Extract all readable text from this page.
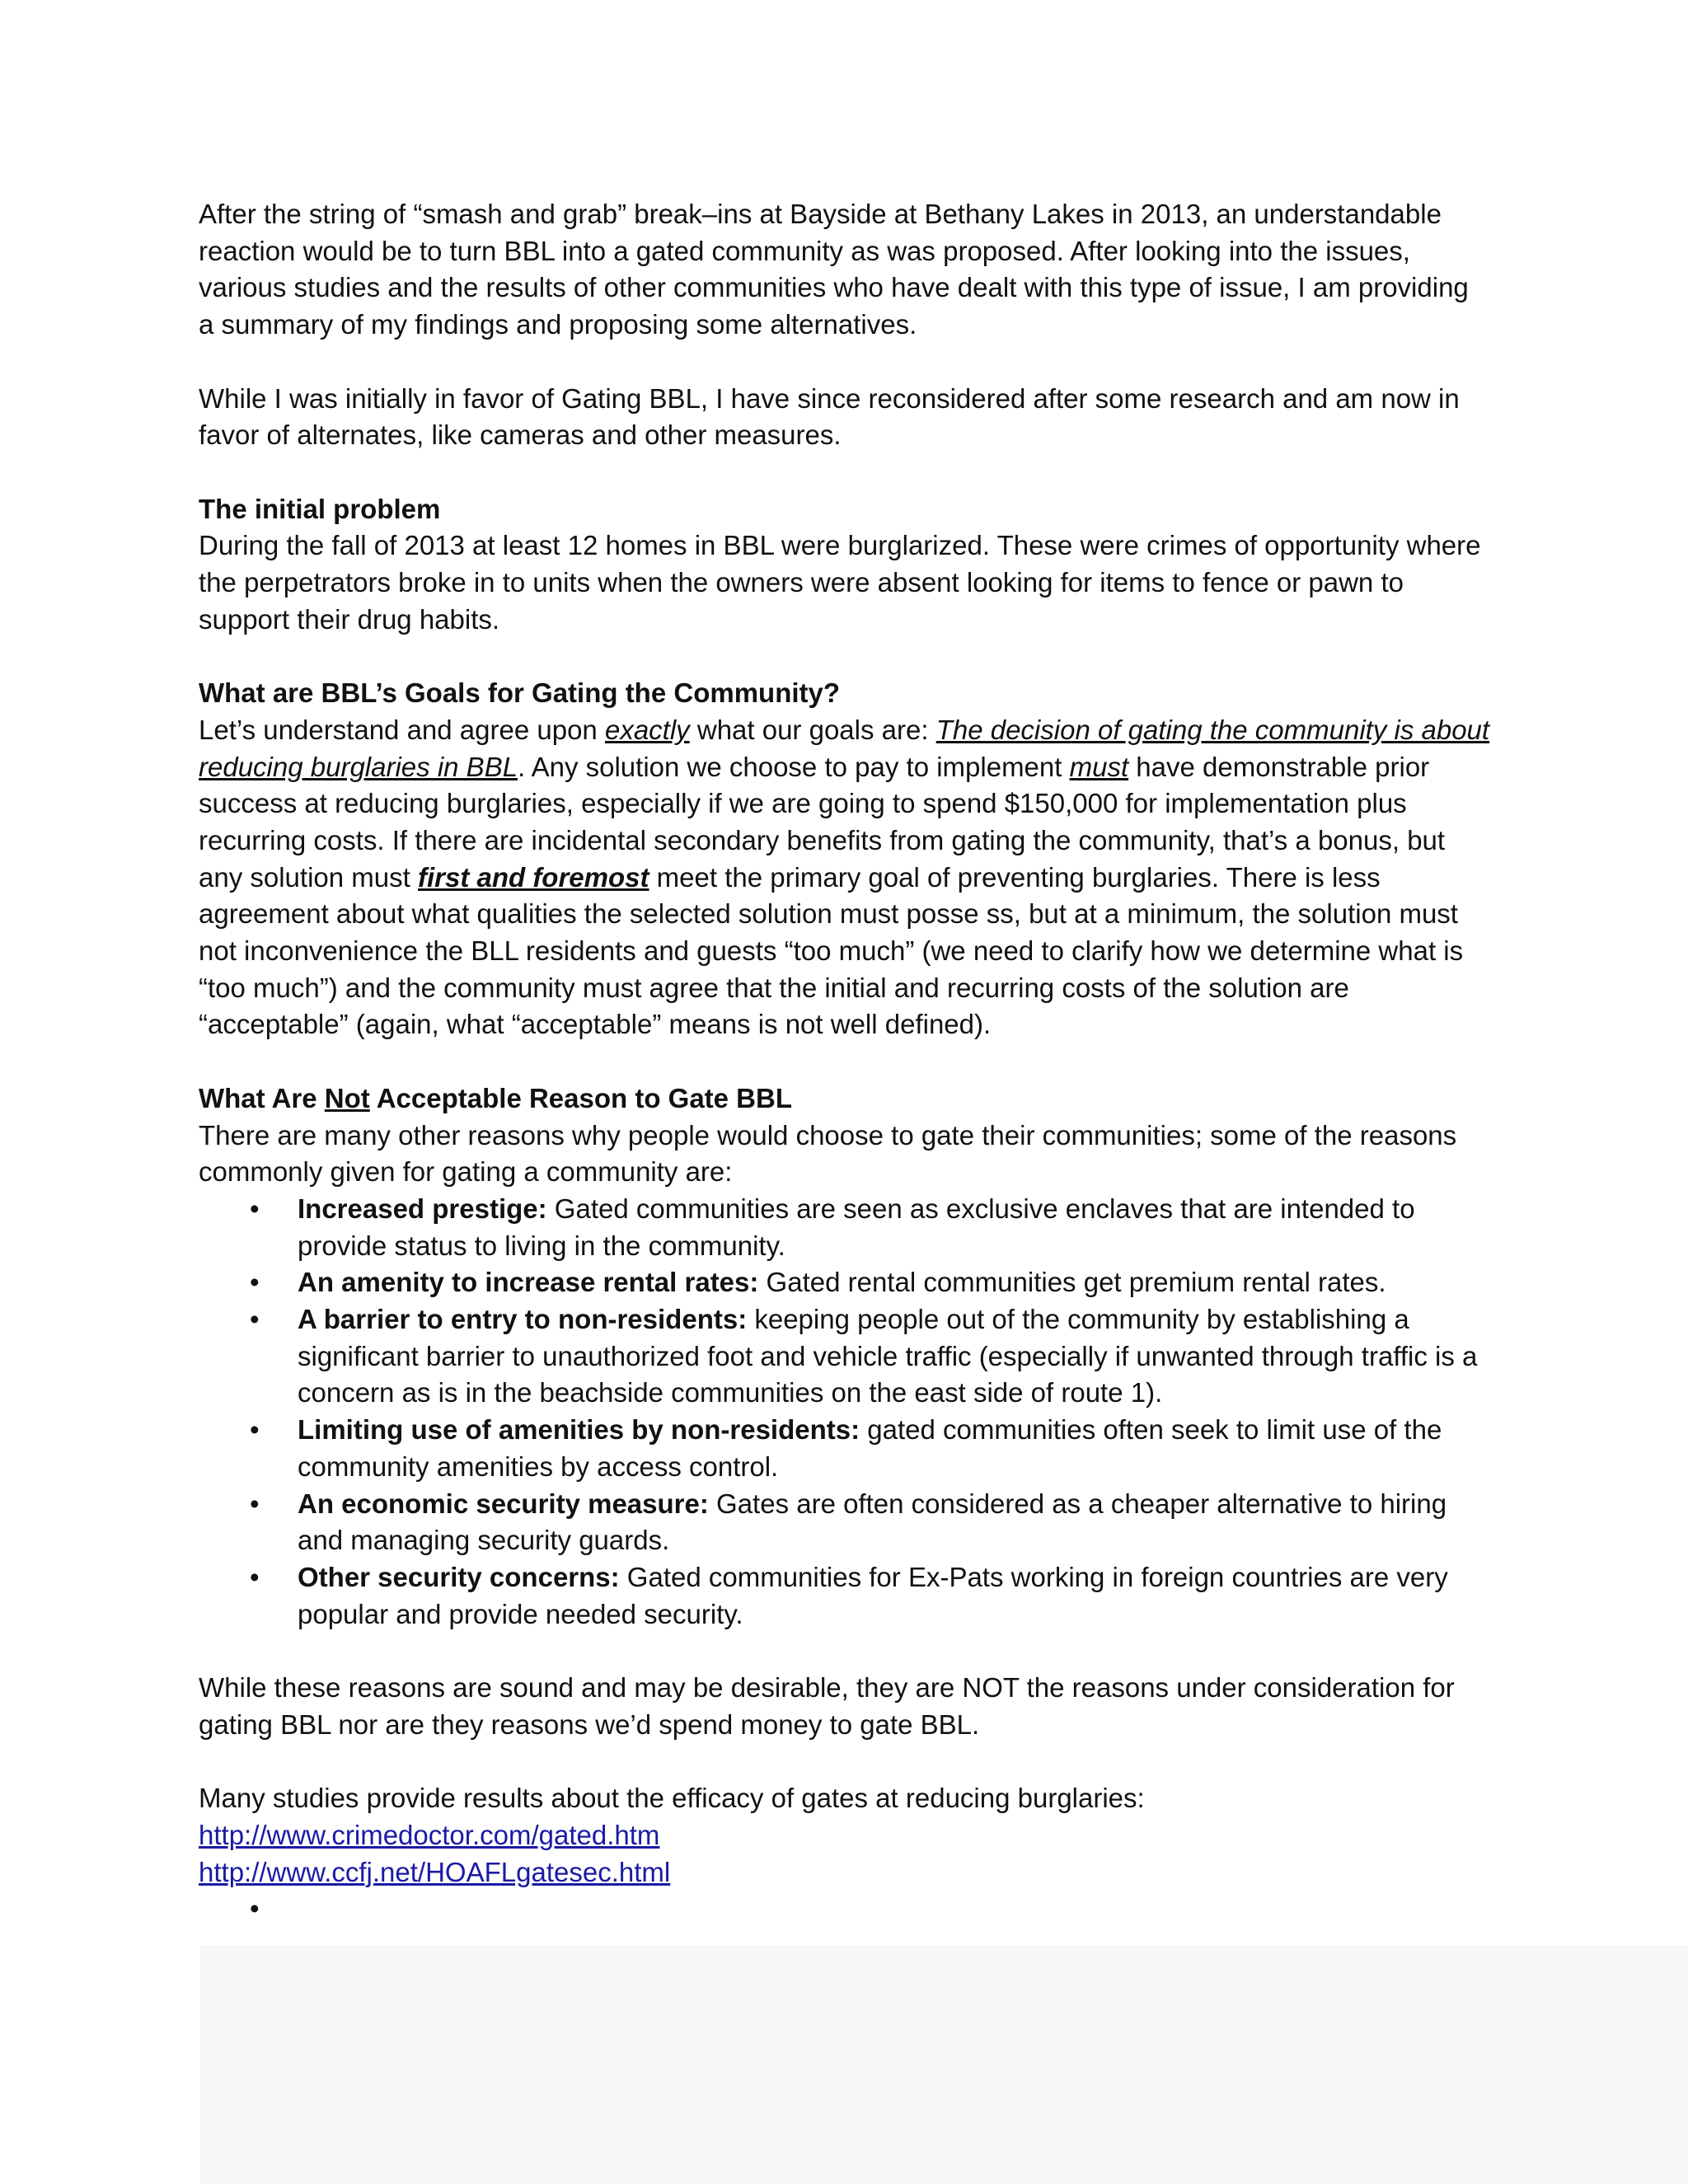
After the string of “smash and grab” break–ins at Bayside at Bethany Lakes in 2013, an understandable reaction would be to turn BBL into a gated community as was proposed. After looking into the issues, various studies and the results of other communities who have dealt with this type of issue, I am providing a summary of my findings and proposing some alternatives.

While I was initially in favor of Gating BBL, I have since reconsidered after some research and am now in favor of alternates, like cameras and other measures.

The initial problem

During the fall of 2013 at least 12 homes in BBL were burglarized. These were crimes of opportunity where the perpetrators broke in to units when the owners were absent looking for items to fence or pawn to support their drug habits.

What are BBL’s Goals for Gating the Community?

Let’s understand and agree upon exactly what our goals are: The decision of gating the community is about reducing burglaries in BBL. Any solution we choose to pay to implement must have demonstrable prior success at reducing burglaries, especially if we are going to spend $150,000 for implementation plus recurring costs. If there are incidental secondary benefits from gating the community, that’s a bonus, but any solution must first and foremost meet the primary goal of preventing burglaries. There is less agreement about what qualities the selected solution must posse ss, but at a minimum, the solution must not inconvenience the BLL residents and guests “too much” (we need to clarify how we determine what is “too much”) and the community must agree that the initial and recurring costs of the solution are “acceptable” (again, what “acceptable” means is not well defined).

What Are Not Acceptable Reason to Gate BBL

There are many other reasons why people would choose to gate their communities; some of the reasons commonly given for gating a community are:

• Increased prestige: Gated communities are seen as exclusive enclaves that are intended to provide status to living in the community.
• An amenity to increase rental rates: Gated rental communities get premium rental rates.
• A barrier to entry to non-residents: keeping people out of the community by establishing a significant barrier to unauthorized foot and vehicle traffic (especially if unwanted through traffic is a concern as is in the beachside communities on the east side of route 1).
• Limiting use of amenities by non-residents: gated communities often seek to limit use of the community amenities by access control.
• An economic security measure: Gates are often considered as a cheaper alternative to hiring and managing security guards.
• Other security concerns: Gated communities for Ex-Pats working in foreign countries are very popular and provide needed security.

While these reasons are sound and may be desirable, they are NOT the reasons under consideration for gating BBL nor are they reasons we’d spend money to gate BBL.

Many studies provide results about the efficacy of gates at reducing burglaries:

http://www.crimedoctor.com/gated.htm
http://www.ccfj.net/HOAFLgatesec.html
•
